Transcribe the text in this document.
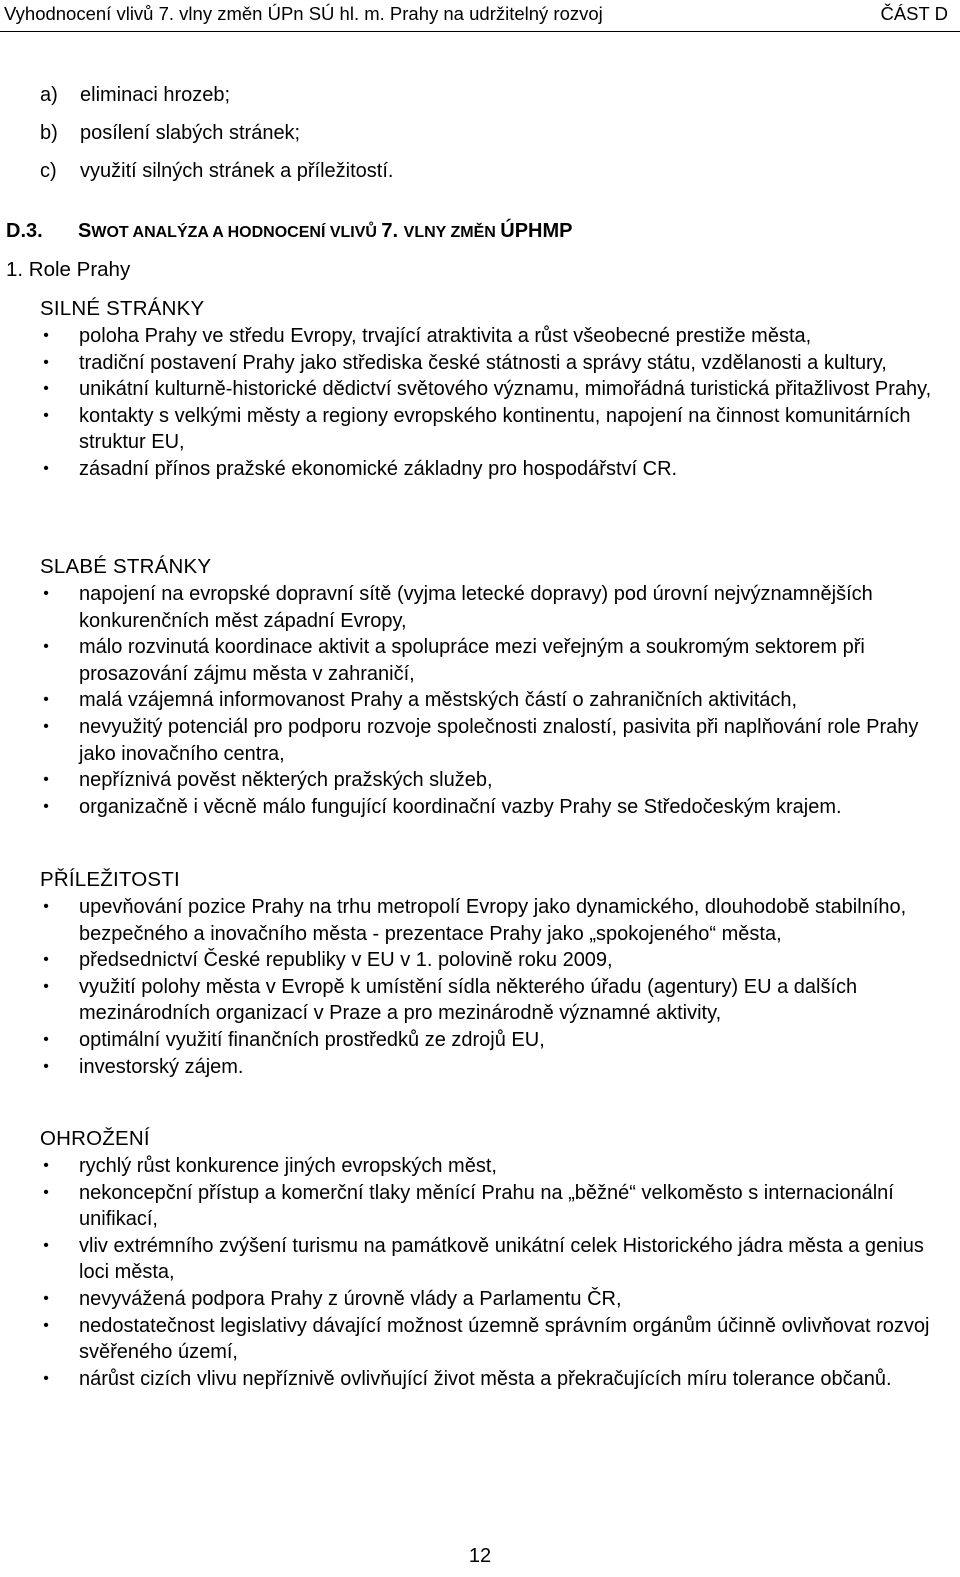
Vyhodnocení vlivů 7. vlny změn ÚPn SÚ hl. m. Prahy na udržitelný rozvoj	ČÁST D
a) eliminaci hrozeb;
b) posílení slabých stránek;
c) využití silných stránek a příležitostí.
D.3. SWOT ANALÝZA A HODNOCENÍ VLIVŮ 7. VLNY ZMĚN ÚPHMP
1. Role Prahy
SILNÉ STRÁNKY
• poloha Prahy ve středu Evropy, trvající atraktivita a růst všeobecné prestiže města,
• tradiční postavení Prahy jako střediska české státnosti a správy státu, vzdělanosti a kultury,
• unikátní kulturně-historické dědictví světového významu, mimořádná turistická přitažlivost Prahy,
• kontakty s velkými městy a regiony evropského kontinentu, napojení na činnost komunitárních struktur EU,
• zásadní přínos pražské ekonomické základny pro hospodářství CR.
SLABÉ STRÁNKY
• napojení na evropské dopravní sítě (vyjma letecké dopravy) pod úrovní nejvýznamnějších konkurenčních měst západní Evropy,
• málo rozvinutá koordinace aktivit a spolupráce mezi veřejným a soukromým sektorem při prosazování zájmu města v zahraničí,
• malá vzájemná informovanost Prahy a městských částí o zahraničních aktivitách,
• nevyužitý potenciál pro podporu rozvoje společnosti znalostí, pasivita při naplňování role Prahy jako inovačního centra,
• nepříznivá pověst některých pražských služeb,
• organizačně i věcně málo fungující koordinační vazby Prahy se Středočeským krajem.
PŘÍLEŽITOSTI
• upevňování pozice Prahy na trhu metropolí Evropy jako dynamického, dlouhodobě stabilního, bezpečného a inovačního města - prezentace Prahy jako „spokojeného“ města,
• předsednictví České republiky v EU v 1. polovině roku 2009,
• využití polohy města v Evropě k umístění sídla některého úřadu (agentury) EU a dalších mezinárodních organizací v Praze a pro mezinárodně významné aktivity,
• optimální využití finančních prostředků ze zdrojů EU,
• investorský zájem.
OHROŽENÍ
• rychlý růst konkurence jiných evropských měst,
• nekoncepční přístup a komerční tlaky měnící Prahu na „běžné“ velkoměsto s internacionální unifikací,
• vliv extrémního zvýšení turismu na památkově unikátní celek Historického jádra města a genius loci města,
• nevyvážená podpora Prahy z úrovně vlády a Parlamentu ČR,
• nedostatečnost legislativy dávající možnost územně správním orgánům účinně ovlivňovat rozvoj svěřeného území,
• nárůst cizích vlivu nepříznivě ovlivňující život města a překračujících míru tolerance občanů.
12
